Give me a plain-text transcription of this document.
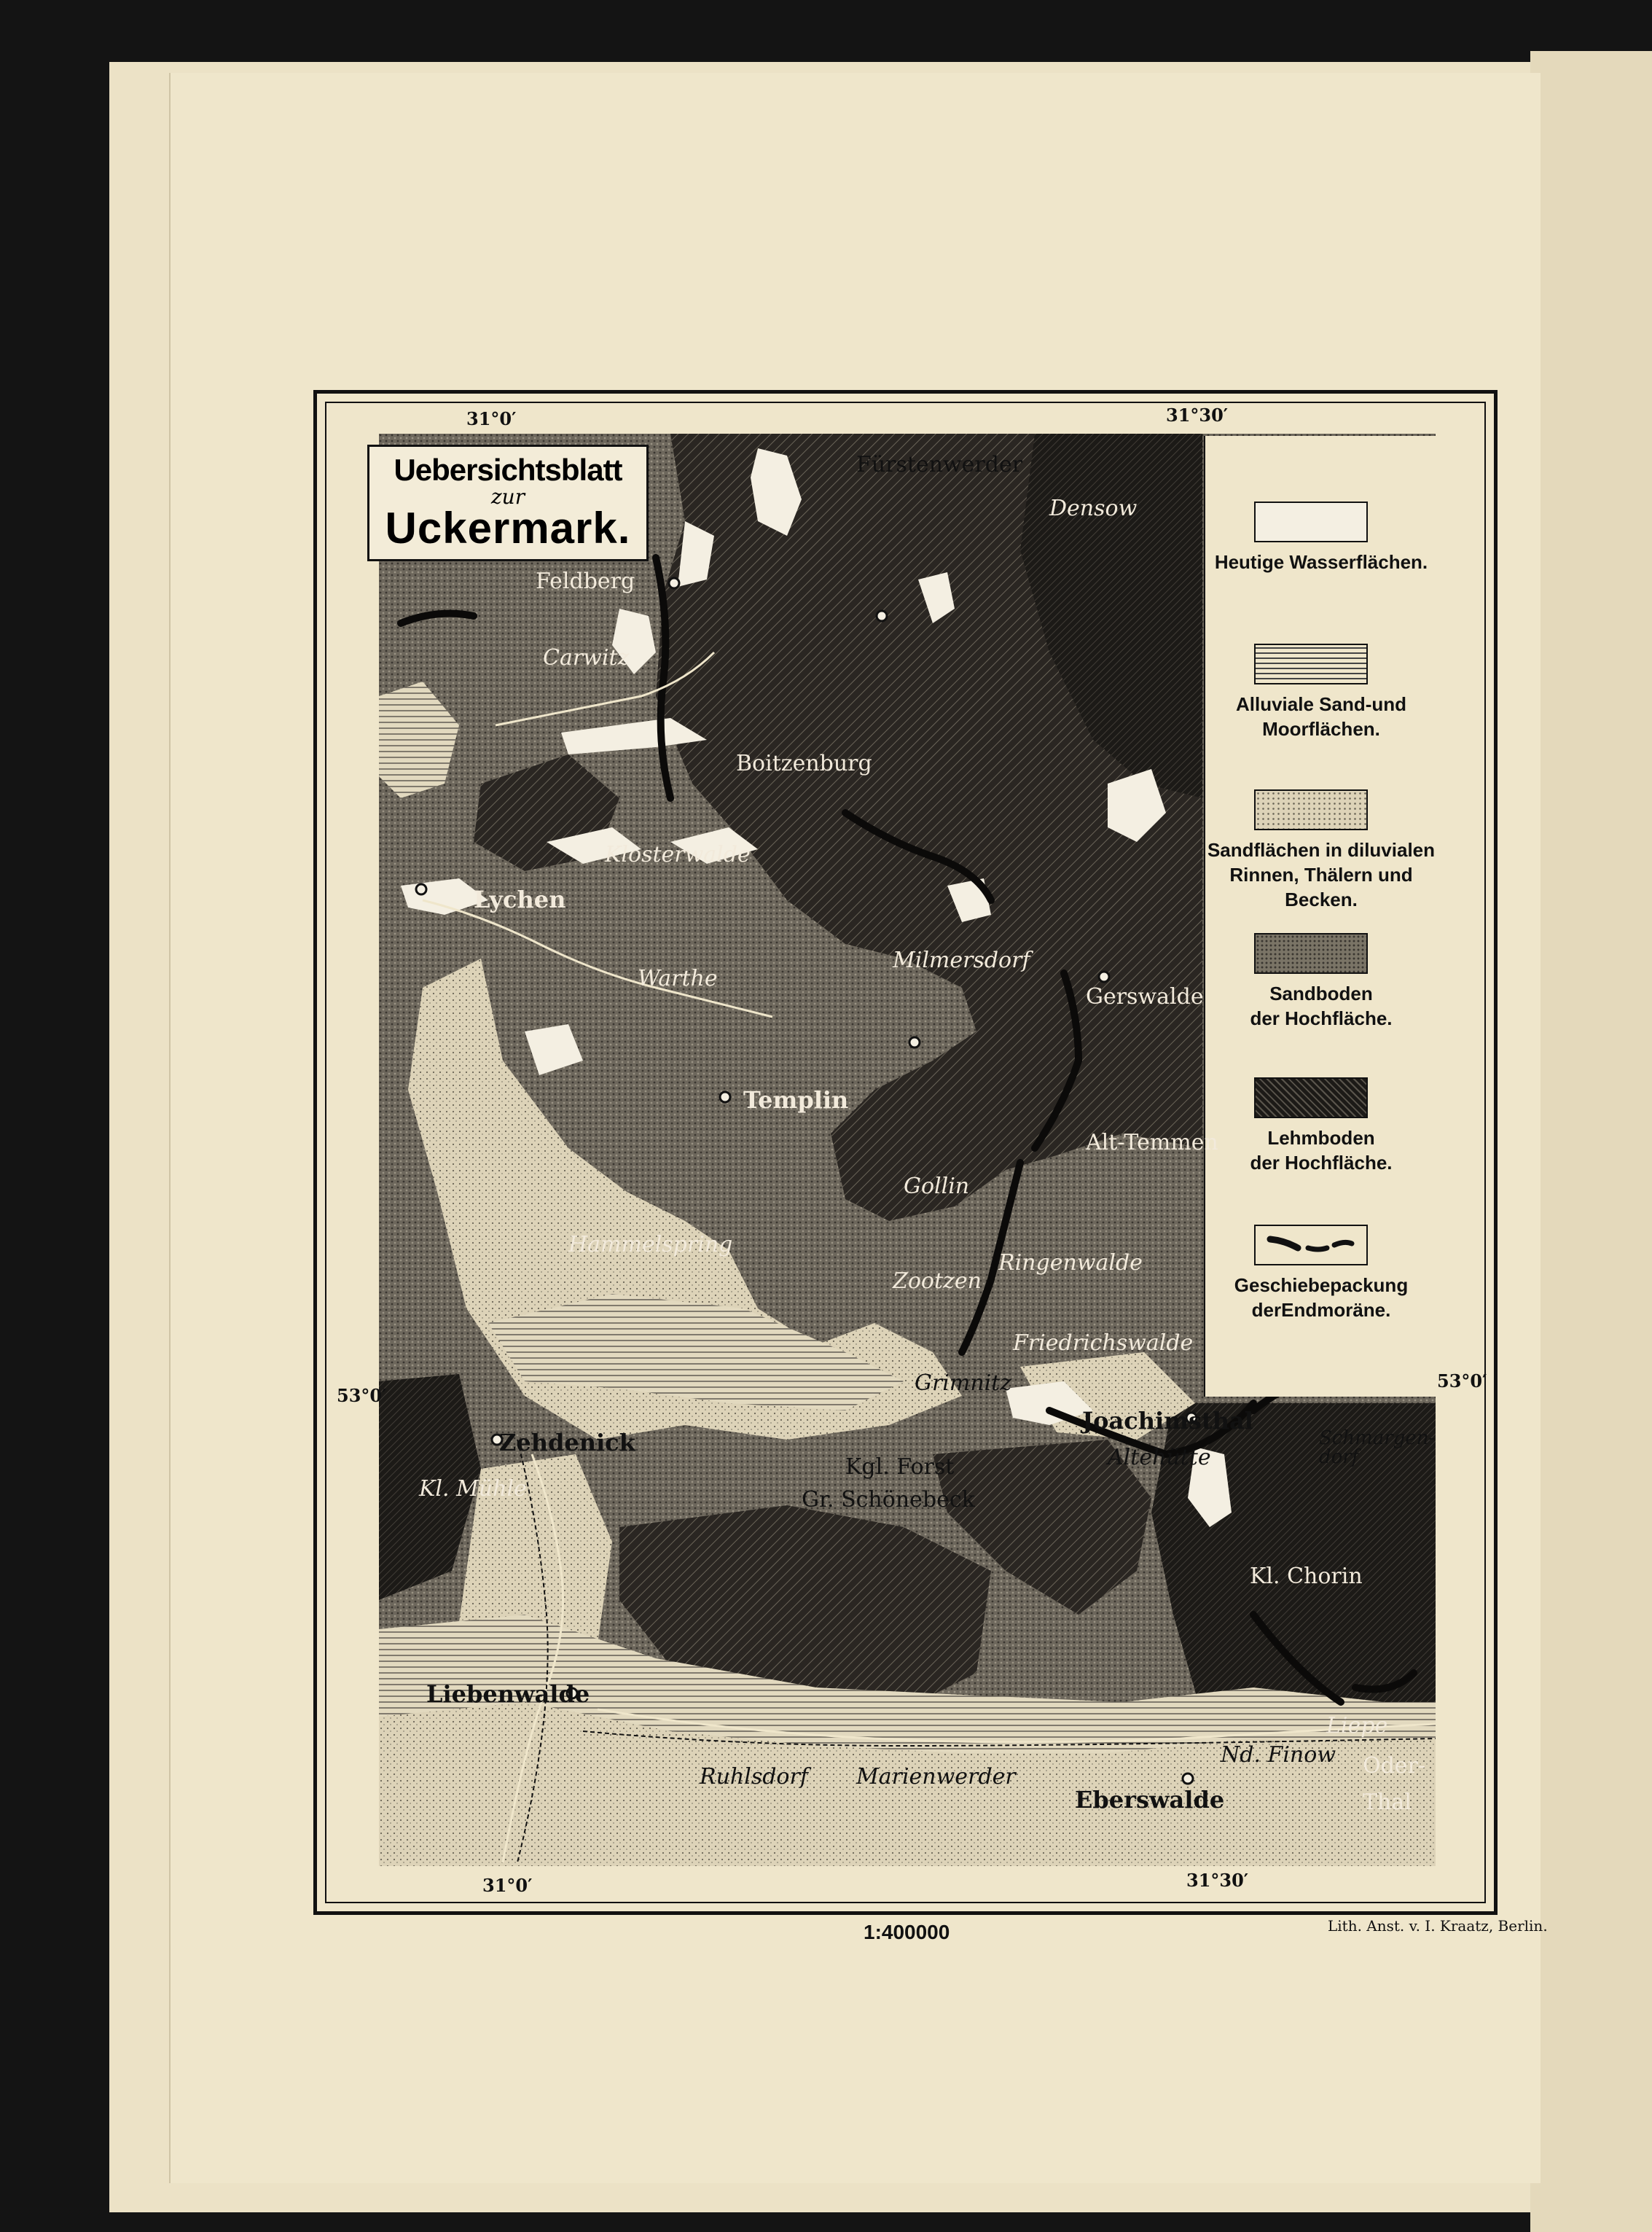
Uebersichtsblatt
zur
Uckermark.
Heutige Wasserflächen.
Alluviale Sand-und
Moorflächen.
Sandflächen in diluvialen
Rinnen, Thälern und
Becken.
Sandboden
der Hochfläche.
Lehmboden
der Hochfläche.
Geschiebepackung
derEndmoräne.
31°0′	31°30′
31°0′	31°30′
53°0′
53°0′
Fürstenwerder
Feldberg
Boitzenburg
Lychen
Gerswalde
Templin
Alt-Temmen
Gollin
Ringenwalde
Friedrichswalde
Zootzen
Hammelspring
Milmersdorf
Densow
Carwitz
Warthe
Klosterwalde
Joachimsthal
Altehütte
Zehdenick
Kgl. Forst
Gr. Schönebeck
Kl. Mühle
Kl. Chorin
Liebenwalde
Ruhlsdorf Marienwerder
Nd. Finow
Eberswalde
Oder-
Thal
Liepe
Grimnitz
Schmargen-
dorf
1:400000	Lith. Anst. v. I. Kraatz, Berlin.
